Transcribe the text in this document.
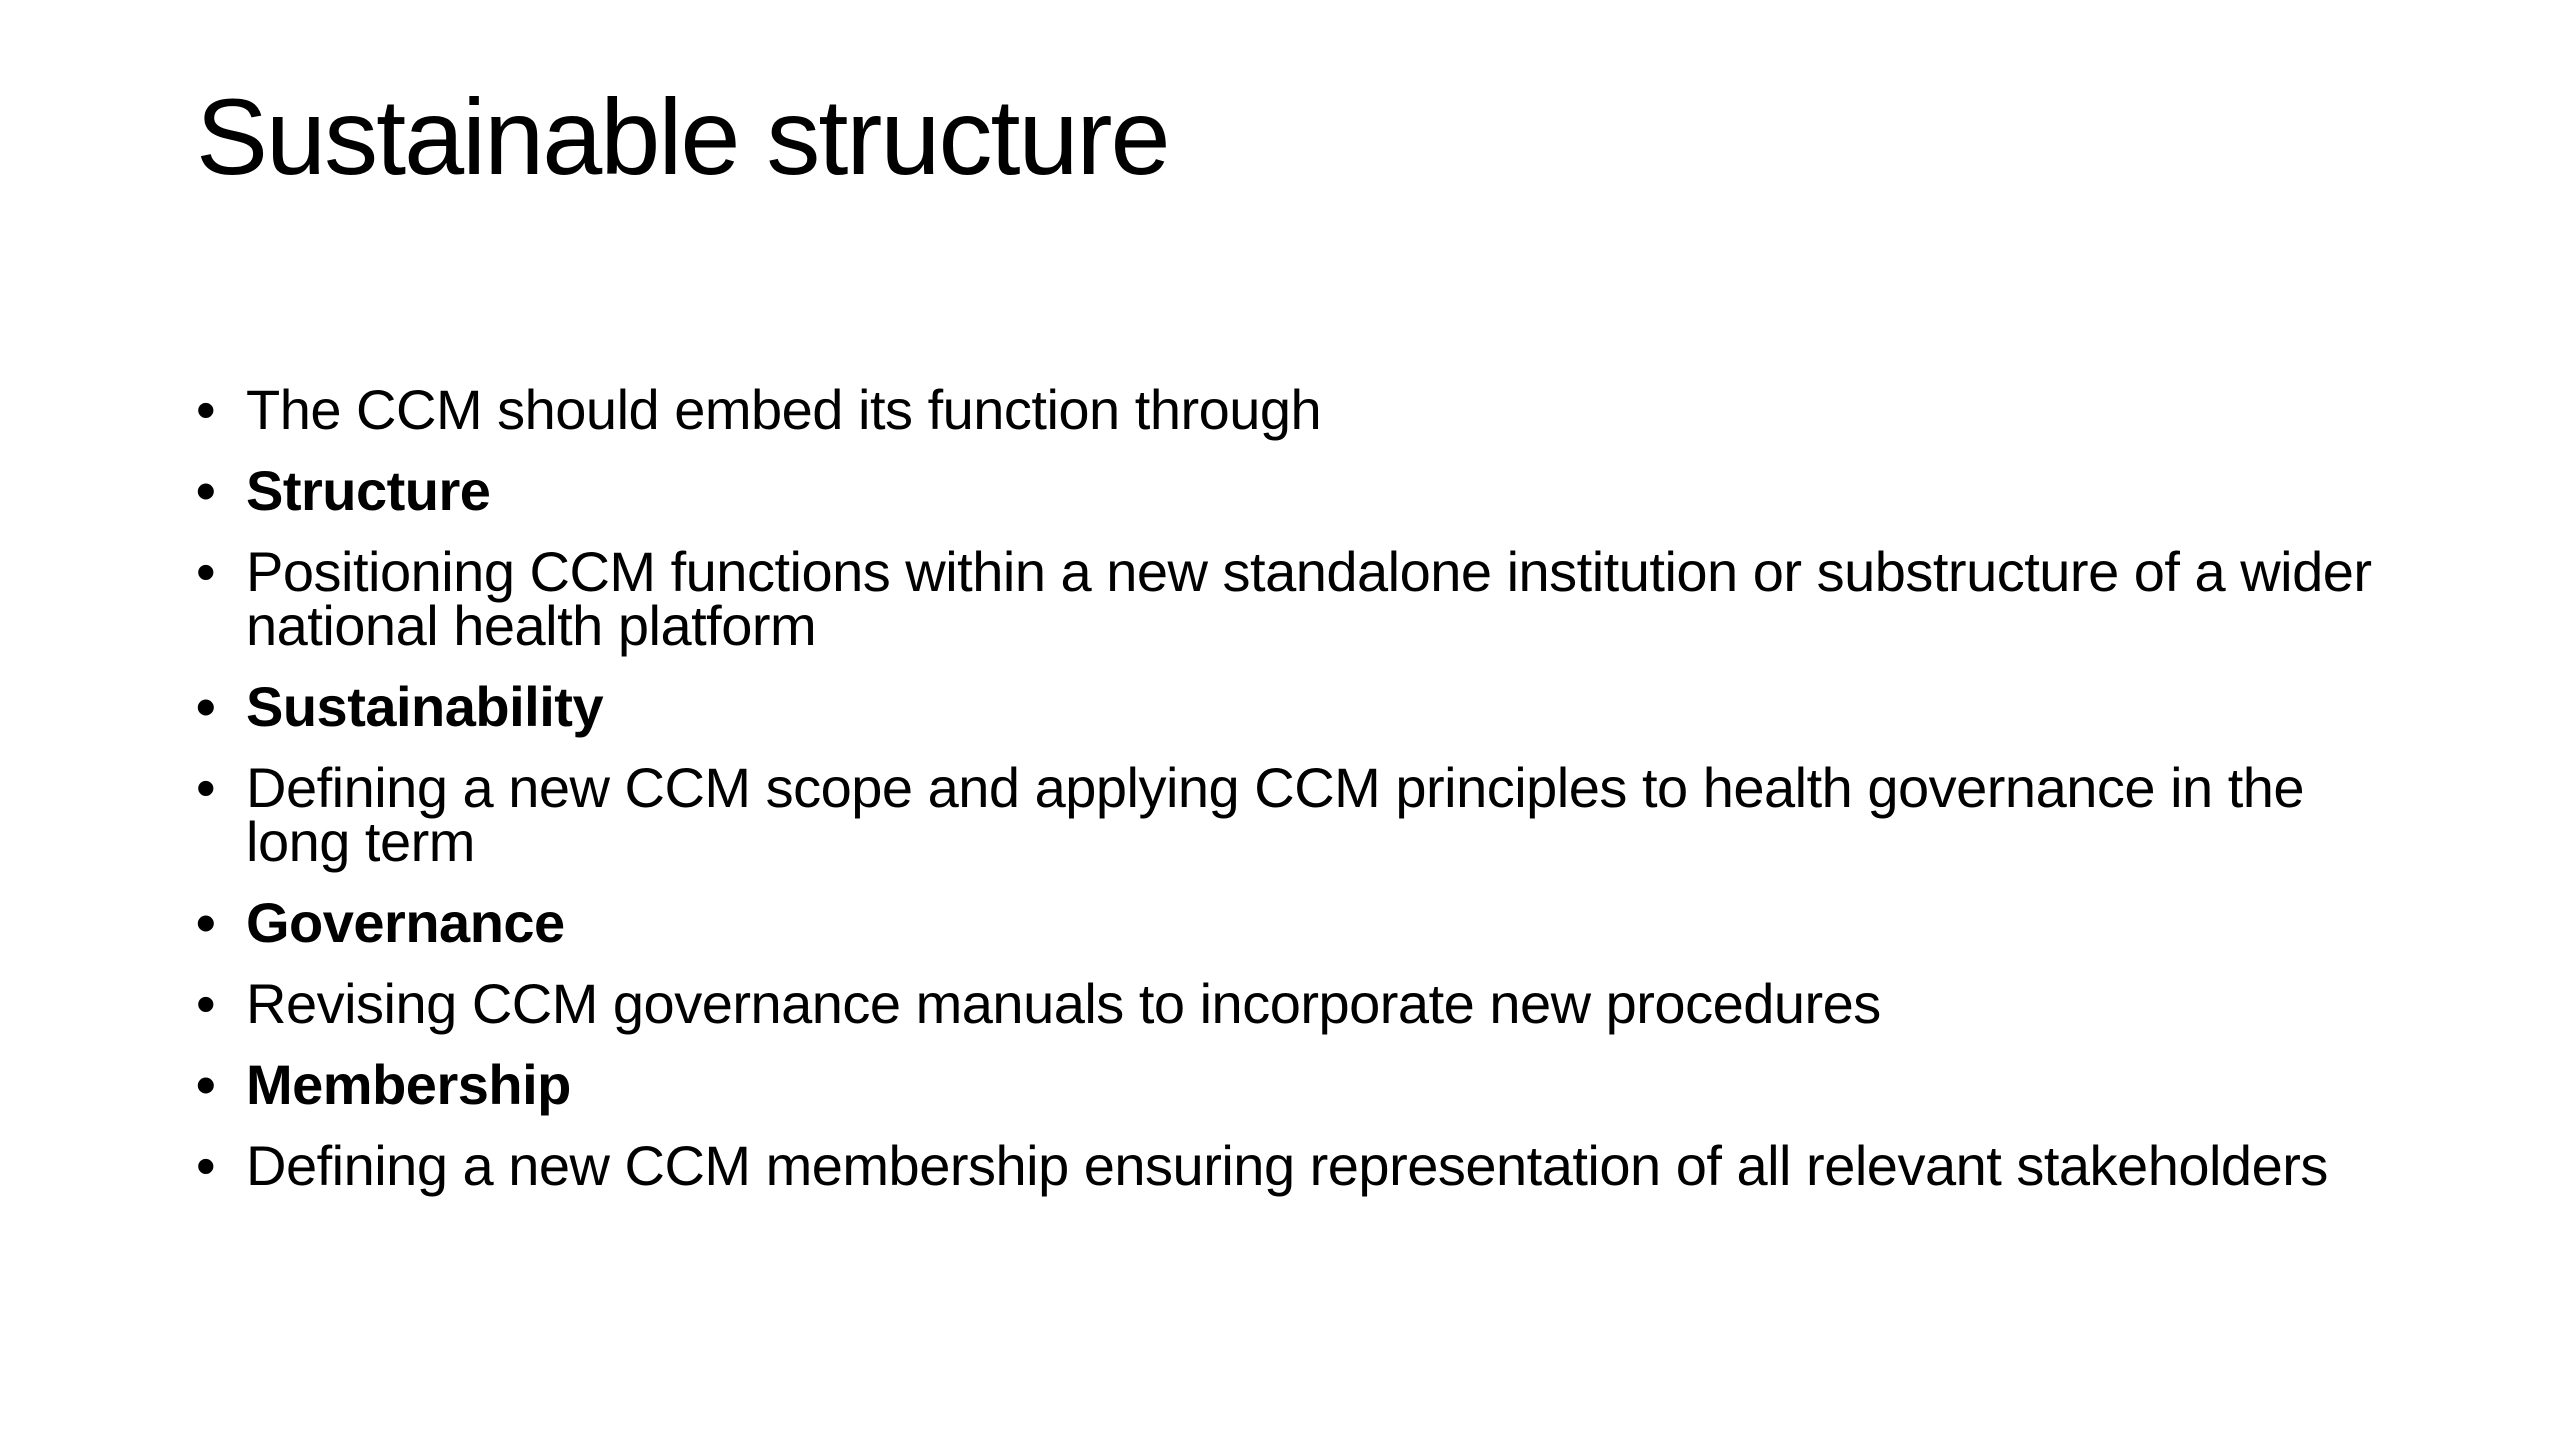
Sustainable structure
• The CCM should embed its function through
• Structure
• Positioning CCM functions within a new standalone institution or substructure of a wider national health platform
• Sustainability
• Defining a new CCM scope and applying CCM principles to health governance in the long term
• Governance
• Revising CCM governance manuals to incorporate new procedures
• Membership
• Defining a new CCM membership ensuring representation of all relevant stakeholders
